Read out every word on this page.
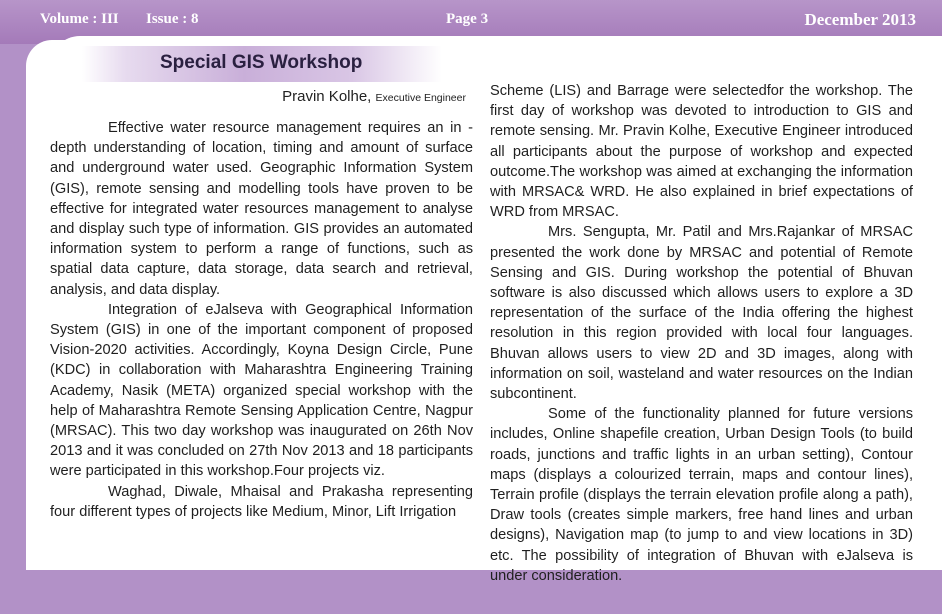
Volume : III Issue : 8	Page 3	December 2013
Special GIS Workshop
Pravin Kolhe, Executive Engineer

Effective water resource management requires an in - depth understanding of location, timing and amount of surface and underground water used. Geographic Information System (GIS), remote sensing and modelling tools have proven to be effective for integrated water resources management to analyse and display such type of information. GIS provides an automated information system to perform a range of functions, such as spatial data capture, data storage, data search and retrieval, analysis, and data display.

Integration of eJalseva with Geographical Information System (GIS) in one of the important component of proposed Vision-2020 activities. Accordingly, Koyna Design Circle, Pune (KDC) in collaboration with Maharashtra Engineering Training Academy, Nasik (META) organized special workshop with the help of Maharashtra Remote Sensing Application Centre, Nagpur (MRSAC). This two day workshop was inaugurated on 26th Nov 2013 and it was concluded on 27th Nov 2013 and 18 participants were participated in this workshop.Four projects viz.

Waghad, Diwale, Mhaisal and Prakasha representing four different types of projects like Medium, Minor, Lift Irrigation

Scheme (LIS) and Barrage were selectedfor the workshop. The first day of workshop was devoted to introduction to GIS and remote sensing. Mr. Pravin Kolhe, Executive Engineer introduced all participants about the purpose of workshop and expected outcome.The workshop was aimed at exchanging the information with MRSAC& WRD. He also explained in brief expectations of WRD from MRSAC.

Mrs. Sengupta, Mr. Patil and Mrs.Rajankar of MRSAC presented the work done by MRSAC and potential of Remote Sensing and GIS. During workshop the potential of Bhuvan software is also discussed which allows users to explore a 3D representation of the surface of the India offering the highest resolution in this region provided with local four languages. Bhuvan allows users to view 2D and 3D images, along with information on soil, wasteland and water resources on the Indian subcontinent.

Some of the functionality planned for future versions includes, Online shapefile creation, Urban Design Tools (to build roads, junctions and traffic lights in an urban setting), Contour maps (displays a colourized terrain, maps and contour lines), Terrain profile (displays the terrain elevation profile along a path), Draw tools (creates simple markers, free hand lines and urban designs), Navigation map (to jump to and view locations in 3D) etc. The possibility of integration of Bhuvan with eJalseva is under consideration.
